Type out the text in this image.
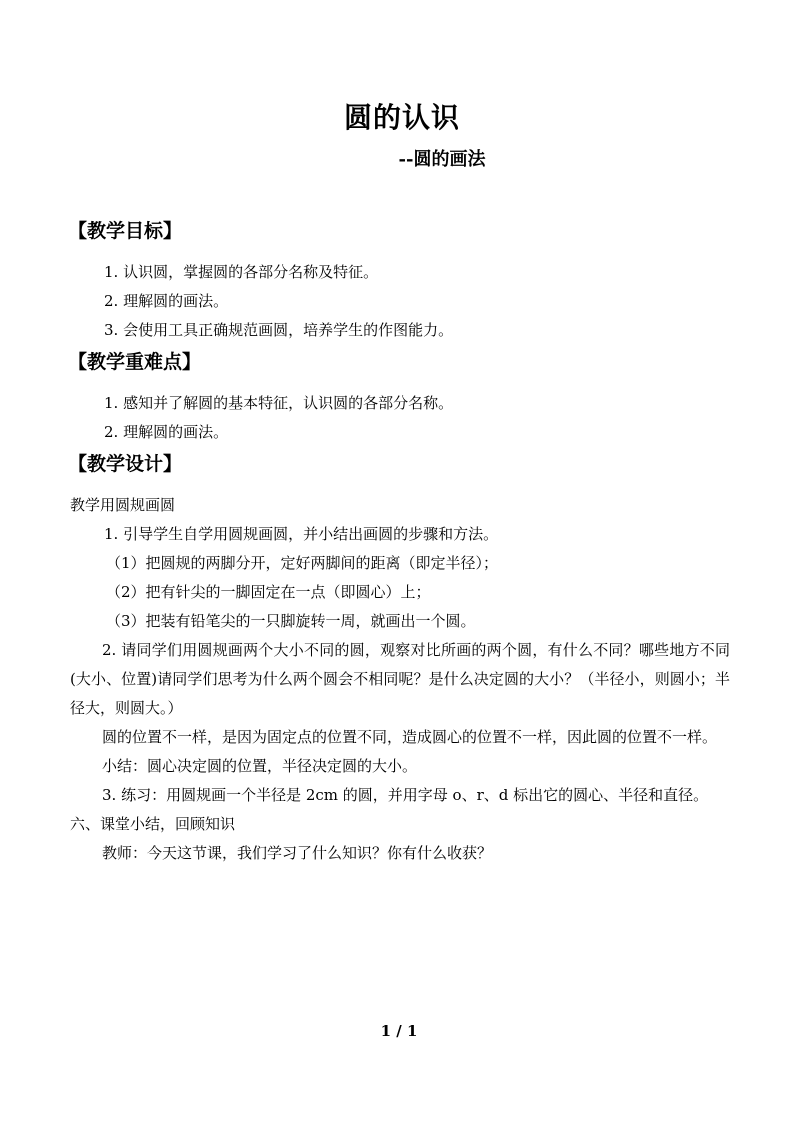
圆的认识
--圆的画法
【教学目标】

1. 认识圆，掌握圆的各部分名称及特征。

2. 理解圆的画法。

3. 会使用工具正确规范画圆，培养学生的作图能力。

【教学重难点】

1. 感知并了解圆的基本特征，认识圆的各部分名称。

2. 理解圆的画法。

【教学设计】

教学用圆规画圆

1. 引导学生自学用圆规画圆，并小结出画圆的步骤和方法。

（1）把圆规的两脚分开，定好两脚间的距离（即定半径）；

（2）把有针尖的一脚固定在一点（即圆心）上；

（3）把装有铅笔尖的一只脚旋转一周，就画出一个圆。

2. 请同学们用圆规画两个大小不同的圆，观察对比所画的两个圆，有什么不同？哪些地方不同(大小、位置)请同学们思考为什么两个圆会不相同呢？是什么决定圆的大小？（半径小，则圆小；半径大，则圆大。）

圆的位置不一样，是因为固定点的位置不同，造成圆心的位置不一样，因此圆的位置不一样。

小结：圆心决定圆的位置，半径决定圆的大小。

3. 练习：用圆规画一个半径是 2cm 的圆，并用字母 o、r、d 标出它的圆心、半径和直径。

六、课堂小结，回顾知识

教师：今天这节课，我们学习了什么知识？你有什么收获？

1 / 1
